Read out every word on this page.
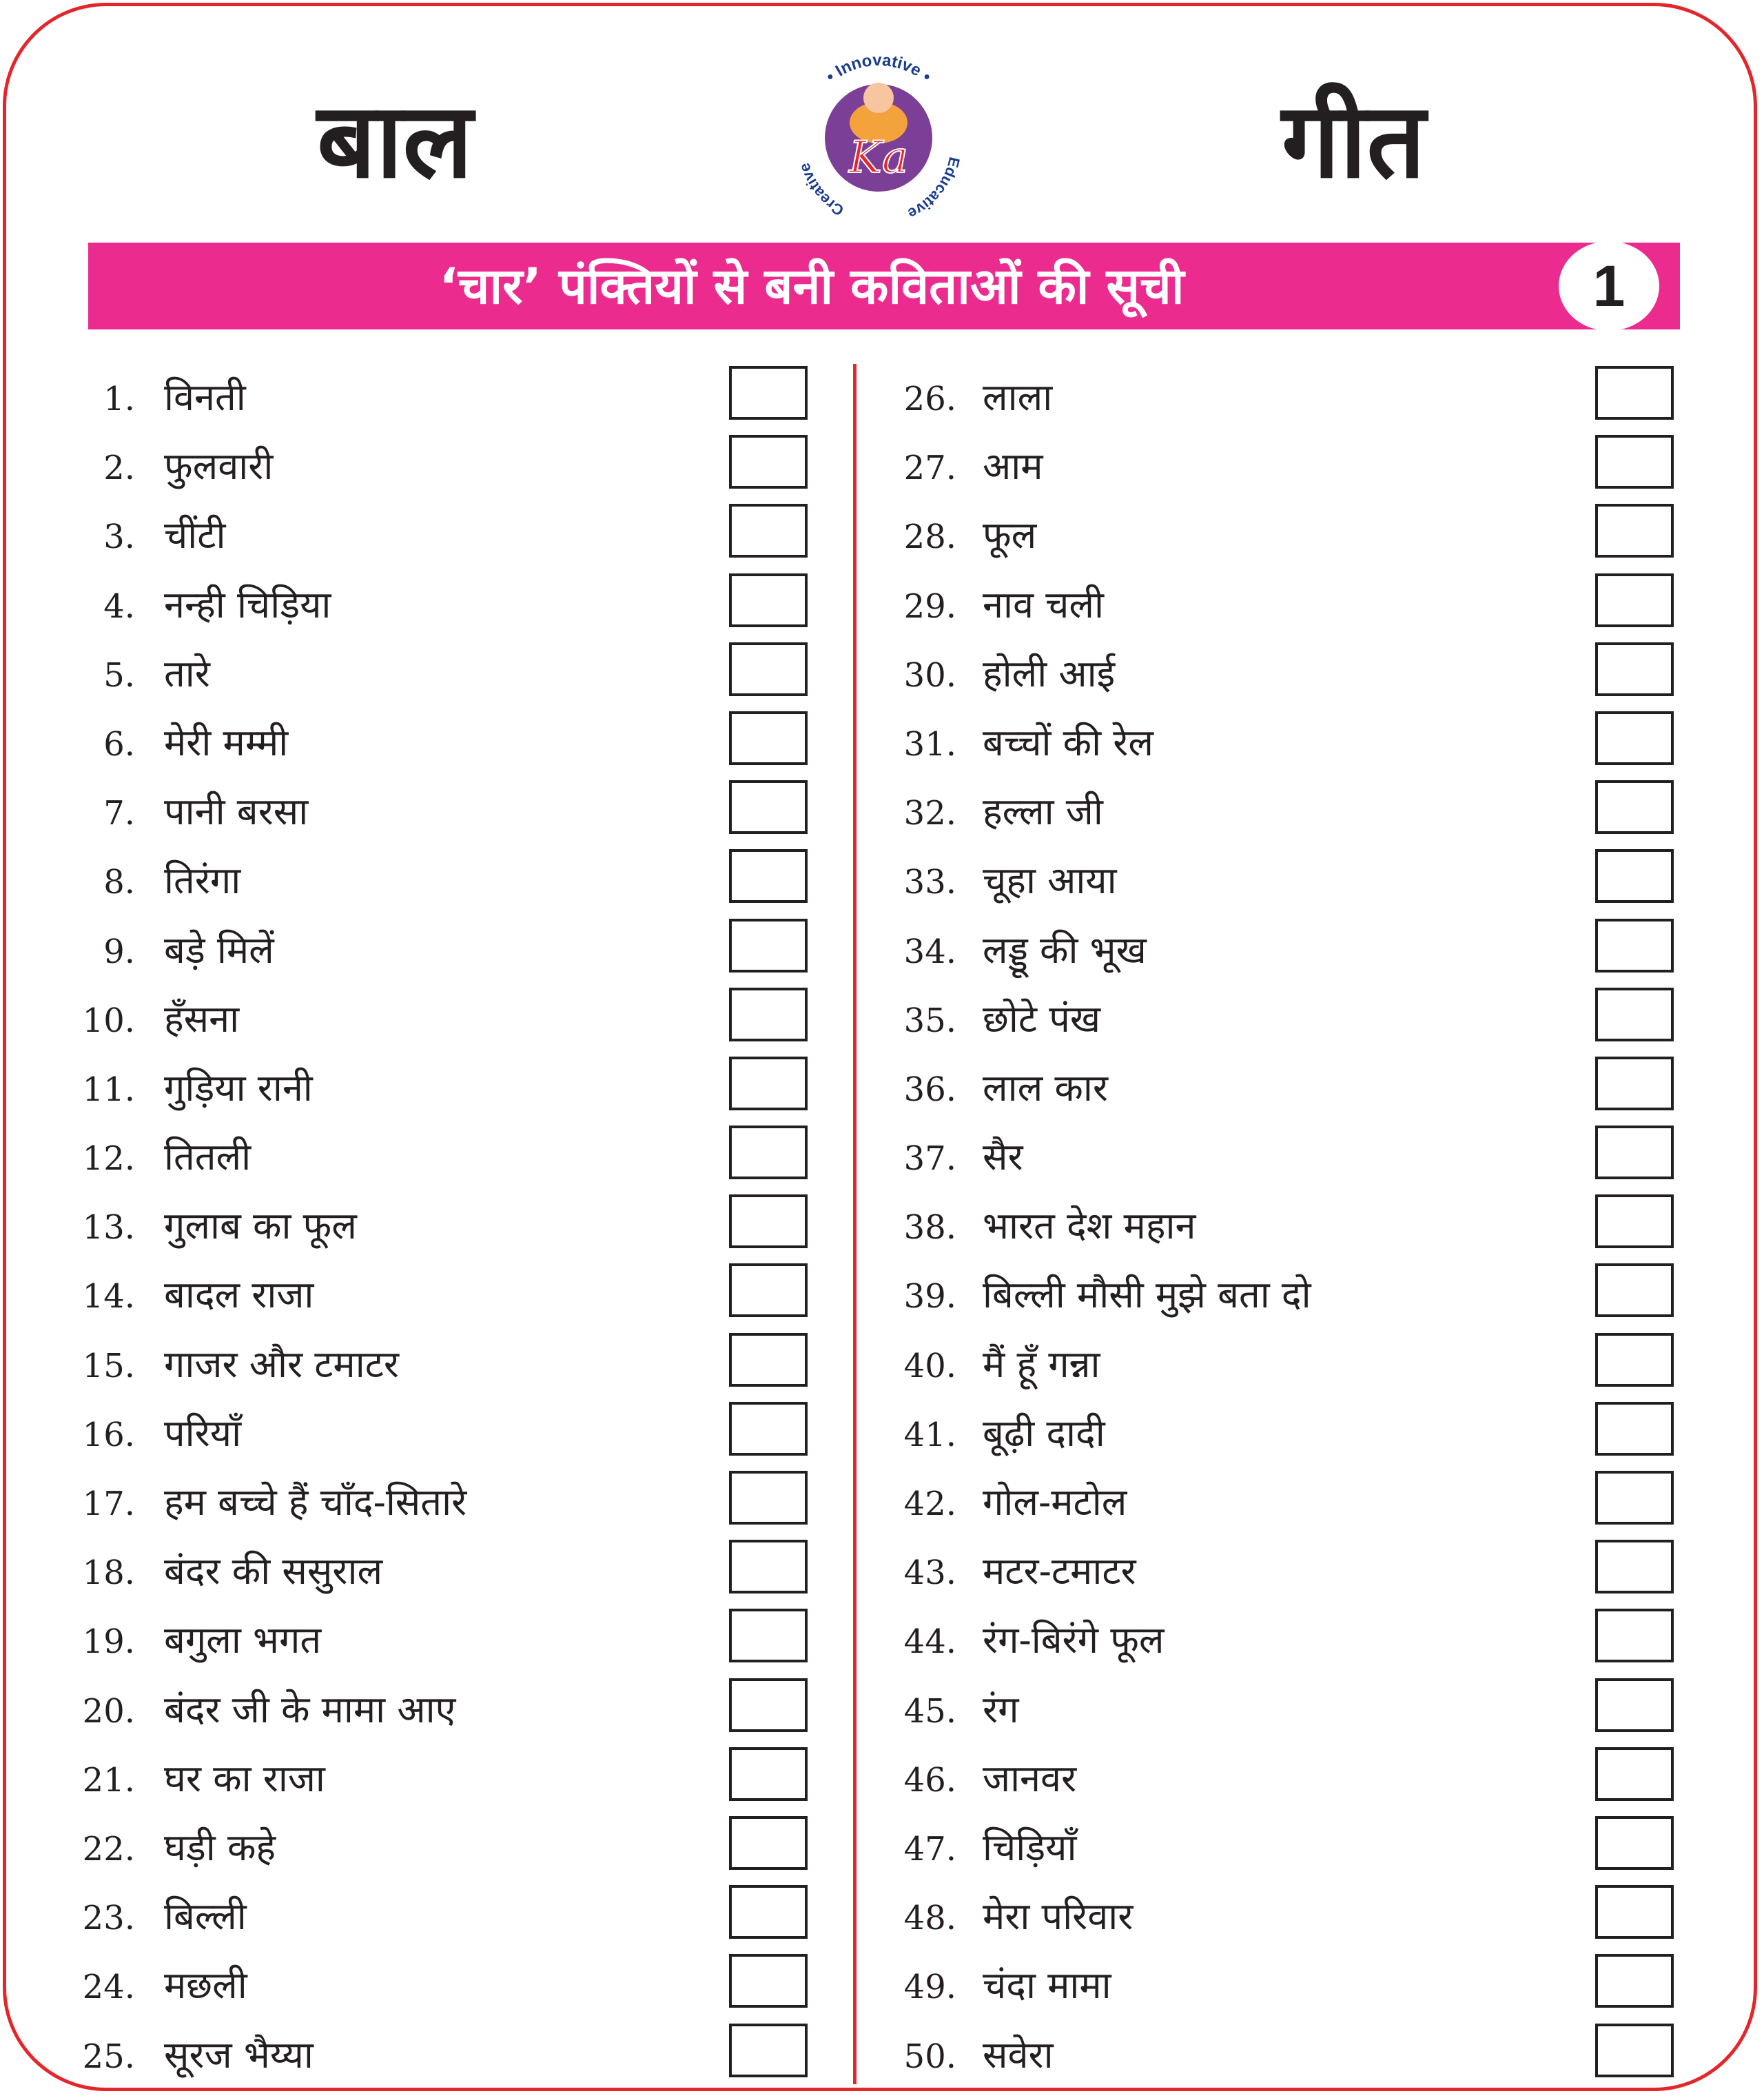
बाल	गीत
Ka
• Innovative •
Creative	Educative
‘चार’ पंक्तियों से बनी कविताओं की सूची	1
1. विनती
2. फुलवारी
3. चींटी
4. नन्ही चिड़िया
5. तारे
6. मेरी मम्मी
7. पानी बरसा
8. तिरंगा
9. बड़े मिलें
10. हँसना
11. गुड़िया रानी
12. तितली
13. गुलाब का फूल
14. बादल राजा
15. गाजर और टमाटर
16. परियाँ
17. हम बच्चे हैं चाँद-सितारे
18. बंदर की ससुराल
19. बगुला भगत
20. बंदर जी के मामा आए
21. घर का राजा
22. घड़ी कहे
23. बिल्ली
24. मछली
25. सूरज भैय्या
26. लाला
27. आम
28. फूल
29. नाव चली
30. होली आई
31. बच्चों की रेल
32. हल्ला जी
33. चूहा आया
34. लड्डू की भूख
35. छोटे पंख
36. लाल कार
37. सैर
38. भारत देश महान
39. बिल्ली मौसी मुझे बता दो
40. मैं हूँ गन्ना
41. बूढ़ी दादी
42. गोल-मटोल
43. मटर-टमाटर
44. रंग-बिरंगे फूल
45. रंग
46. जानवर
47. चिड़ियाँ
48. मेरा परिवार
49. चंदा मामा
50. सवेरा
